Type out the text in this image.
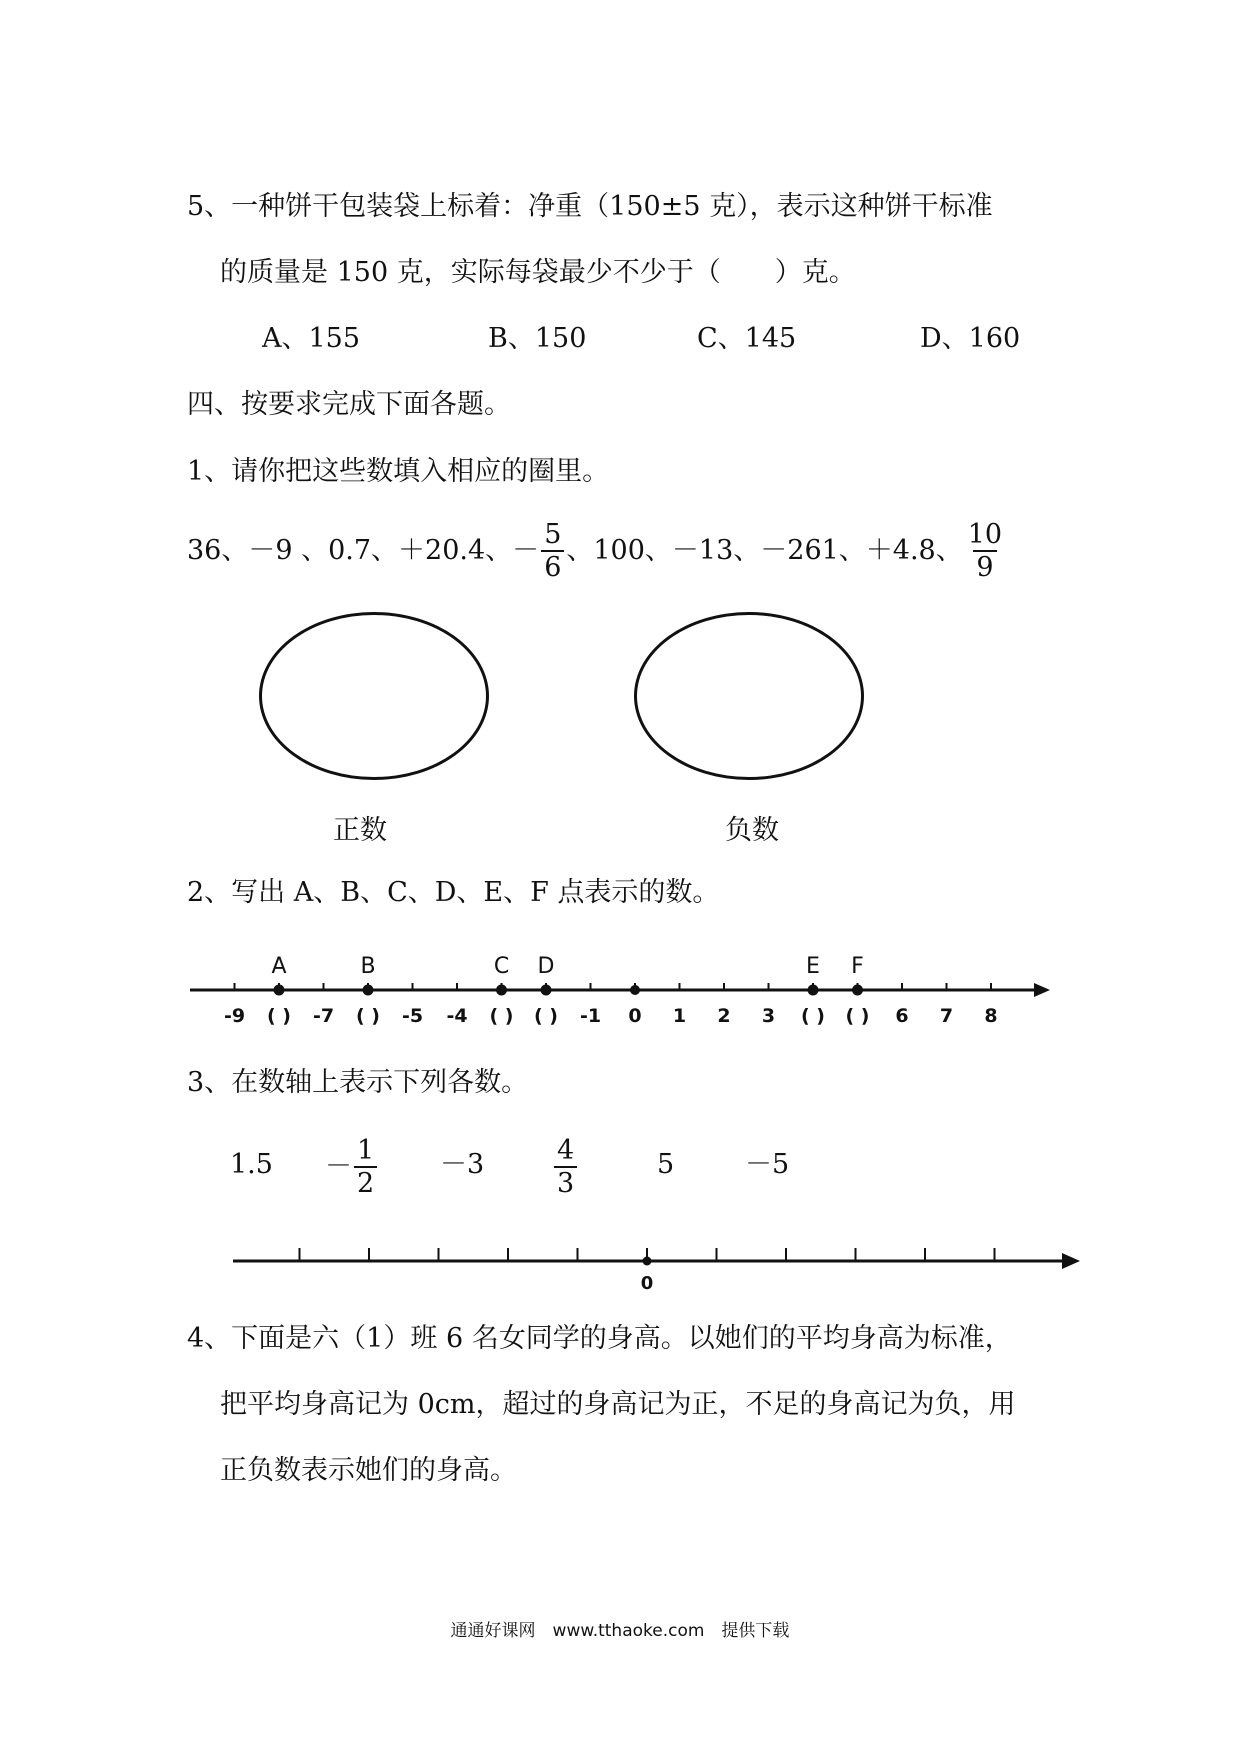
5、一种饼干包装袋上标着：净重（150±5 克），表示这种饼干标准
的质量是 150 克，实际每袋最少不少于（　　）克。
A、155	B、150	C、145	D、160
四、按要求完成下面各题。
1、请你把这些数填入相应的圈里。
36、－9 、0.7、＋20.4、－ $\frac{5}{6}$ 、100、－13、－261、＋4.8、 $\frac{10}{9}$
正数	负数
2、写出 A、B、C、D、E、F 点表示的数。
-9 ( ) -7 ( ) -5 -4 ( ) ( ) -1 0 1 2 3 ( ) ( ) 6 7 8
A	B	C D	E F
3、在数轴上表示下列各数。
$1.5 - \frac{1}{2} -3$	$\frac{4}{3}$	5	－5
0
4、下面是六（1）班 6 名女同学的身高。以她们的平均身高为标准，
把平均身高记为 0cm，超过的身高记为正，不足的身高记为负，用
正负数表示她们的身高。
通通好课网　www.tthaoke.com　提供下载
